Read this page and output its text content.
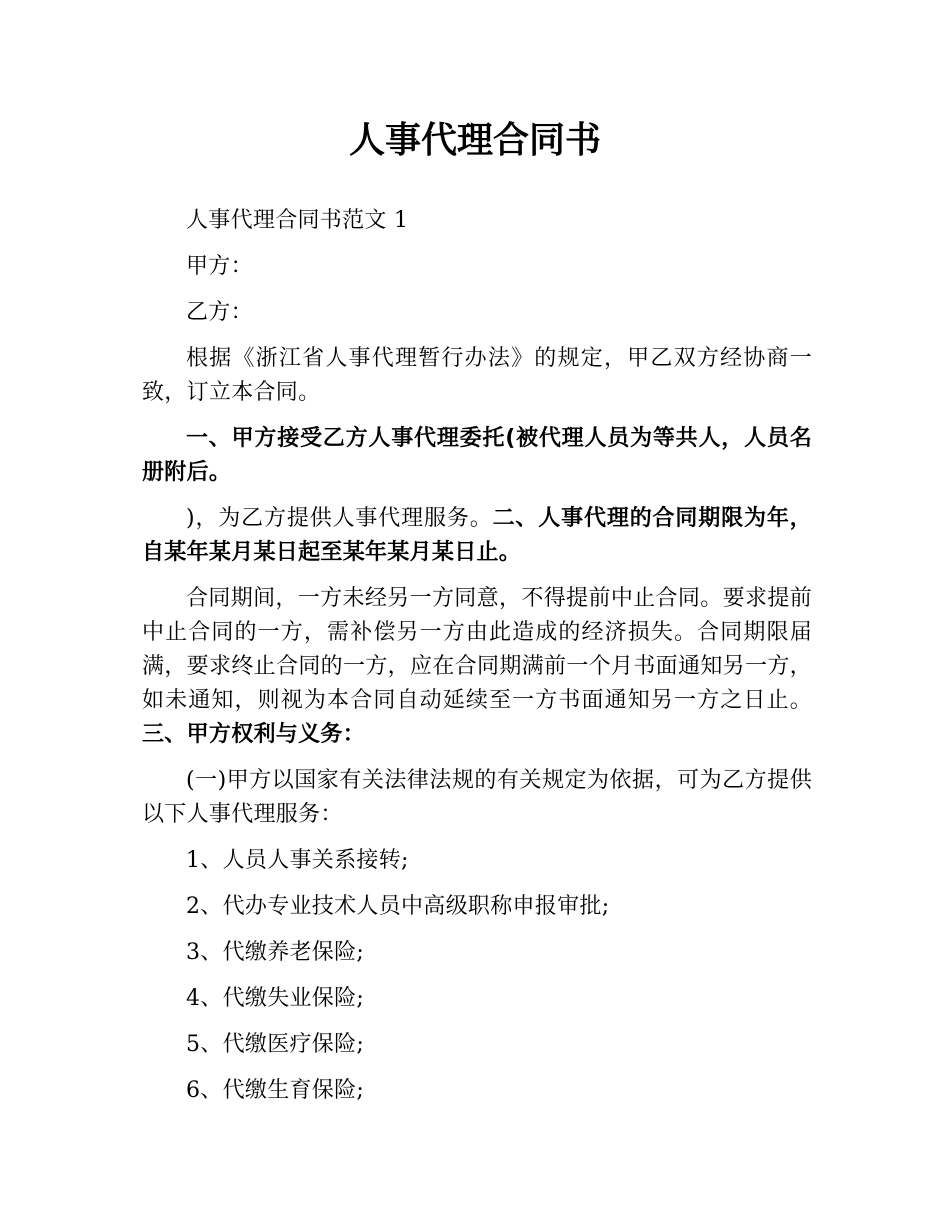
人事代理合同书

人事代理合同书范文 1

甲方：

乙方：

根据《浙江省人事代理暂行办法》的规定，甲乙双方经协商一致，订立本合同。

一、甲方接受乙方人事代理委托(被代理人员为等共人，人员名册附后。

)，为乙方提供人事代理服务。二、人事代理的合同期限为年，自某年某月某日起至某年某月某日止。

合同期间，一方未经另一方同意，不得提前中止合同。要求提前中止合同的一方，需补偿另一方由此造成的经济损失。合同期限届满，要求终止合同的一方，应在合同期满前一个月书面通知另一方，如未通知，则视为本合同自动延续至一方书面通知另一方之日止。三、甲方权利与义务：

(一)甲方以国家有关法律法规的有关规定为依据，可为乙方提供以下人事代理服务：

1、人员人事关系接转;

2、代办专业技术人员中高级职称申报审批;

3、代缴养老保险;

4、代缴失业保险;

5、代缴医疗保险;

6、代缴生育保险;
